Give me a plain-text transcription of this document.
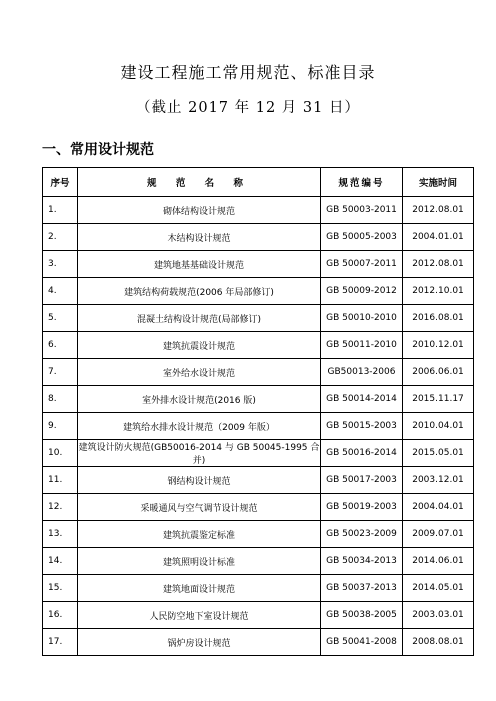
建设工程施工常用规范、标准目录
（截止 2017 年 12 月 31 日）
一、常用设计规范
序号	规 范 名 称	规范编号	实施时间
1.	砌体结构设计规范	GB 50003-2011	2012.08.01
2.	木结构设计规范	GB 50005-2003	2004.01.01
3.	建筑地基基础设计规范	GB 50007-2011	2012.08.01
4.	建筑结构荷载规范(2006 年局部修订)	GB 50009-2012	2012.10.01
5.	混凝土结构设计规范(局部修订)	GB 50010-2010	2016.08.01
6.	建筑抗震设计规范	GB 50011-2010	2010.12.01
7.	室外给水设计规范	GB50013-2006	2006.06.01
8.	室外排水设计规范(2016 版)	GB 50014-2014	2015.11.17
9.	建筑给水排水设计规范（2009 年版）	GB 50015-2003	2010.04.01
10.	建筑设计防火规范(GB50016-2014 与 GB 50045-1995 合并)	GB 50016-2014	2015.05.01
11.	钢结构设计规范	GB 50017-2003	2003.12.01
12.	采暖通风与空气调节设计规范	GB 50019-2003	2004.04.01
13.	建筑抗震鉴定标准	GB 50023-2009	2009.07.01
14.	建筑照明设计标准	GB 50034-2013	2014.06.01
15.	建筑地面设计规范	GB 50037-2013	2014.05.01
16.	人民防空地下室设计规范	GB 50038-2005	2003.03.01
17.	锅炉房设计规范	GB 50041-2008	2008.08.01
